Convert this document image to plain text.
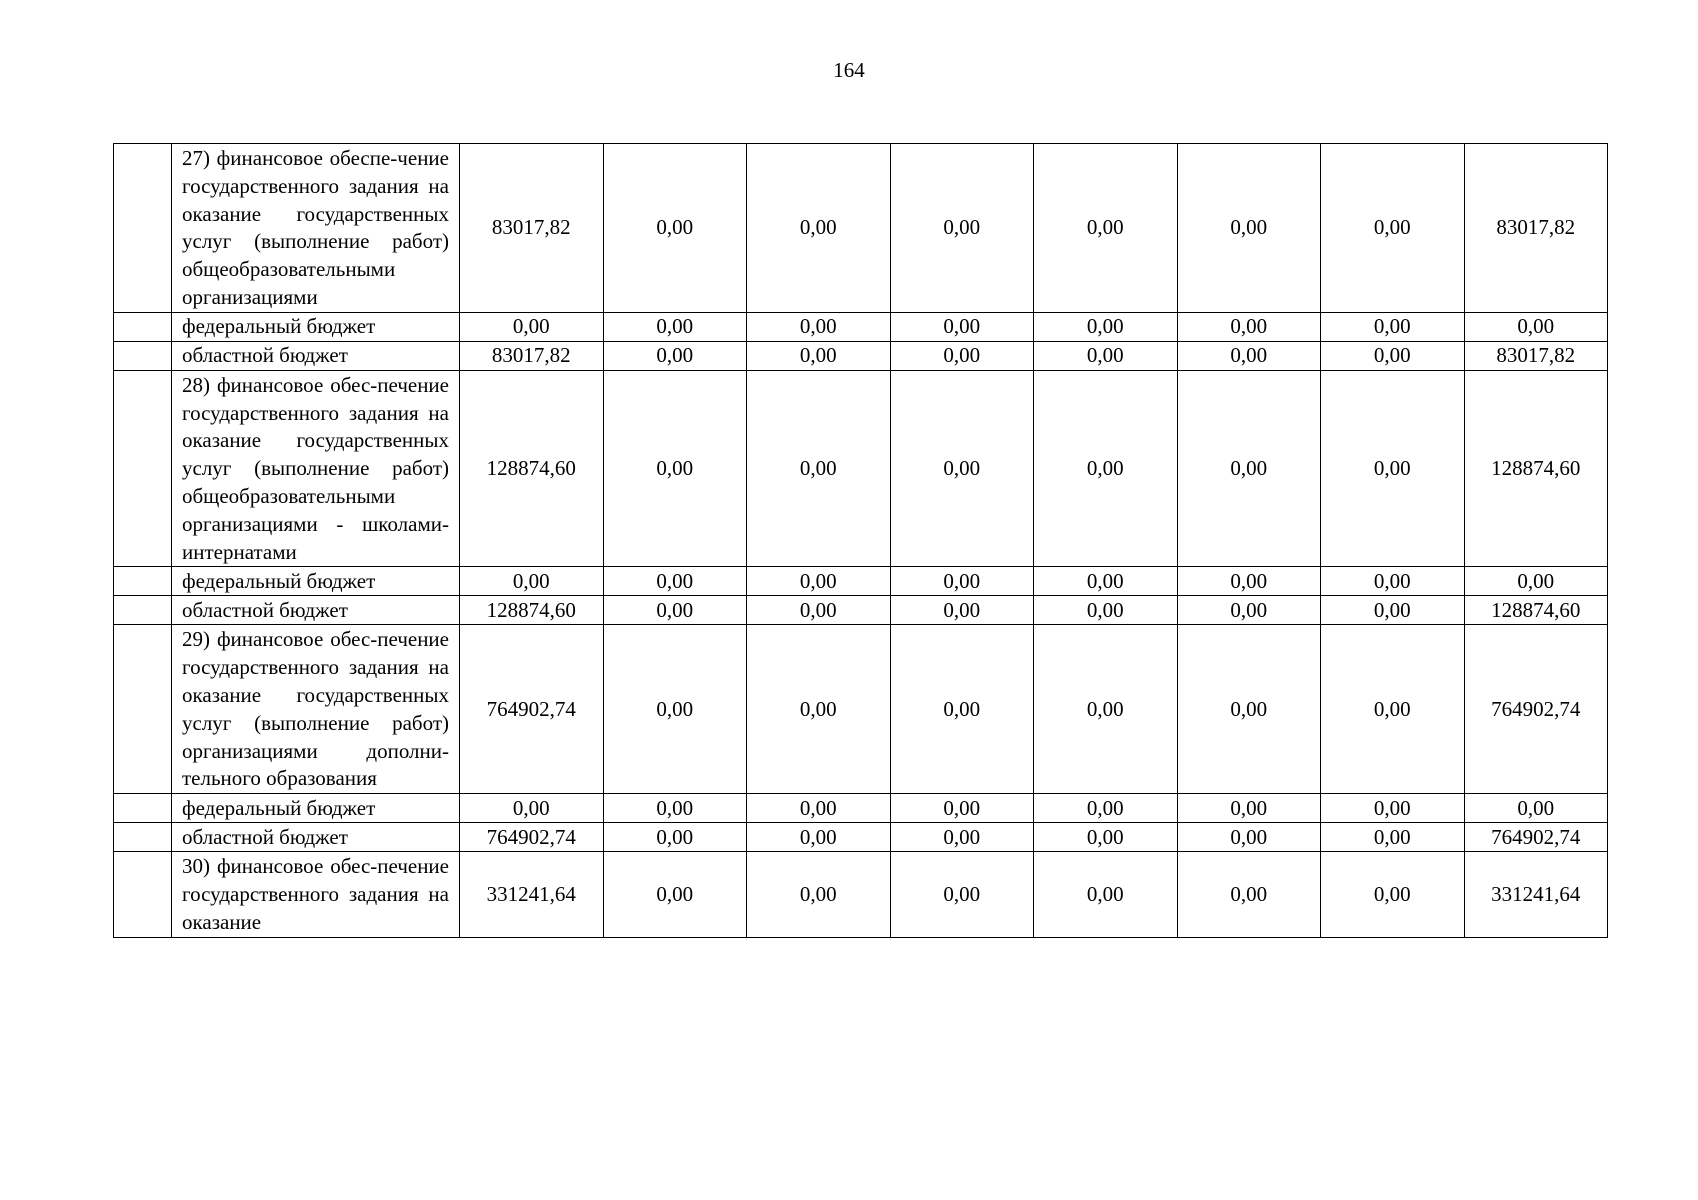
164

	27) финансовое обеспе-чение государственного задания на оказание государственных услуг (выполнение работ) общеобразовательными организациями	83017,82	0,00	0,00	0,00	0,00	0,00	0,00	83017,82

	федеральный бюджет	0,00	0,00	0,00	0,00	0,00	0,00	0,00	0,00

	областной бюджет	83017,82	0,00	0,00	0,00	0,00	0,00	0,00	83017,82

	28) финансовое обес-печение государственного задания на оказание государственных услуг (выполнение работ) общеобразовательными организациями - школами-интернатами	128874,60	0,00	0,00	0,00	0,00	0,00	0,00	128874,60

	федеральный бюджет	0,00	0,00	0,00	0,00	0,00	0,00	0,00	0,00

	областной бюджет	128874,60	0,00	0,00	0,00	0,00	0,00	0,00	128874,60

	29) финансовое обес-печение государственного задания на оказание государственных услуг (выполнение работ) организациями дополни-тельного образования	764902,74	0,00	0,00	0,00	0,00	0,00	0,00	764902,74

	федеральный бюджет	0,00	0,00	0,00	0,00	0,00	0,00	0,00	0,00

	областной бюджет	764902,74	0,00	0,00	0,00	0,00	0,00	0,00	764902,74

	30) финансовое обес-печение государственного задания на оказание	331241,64	0,00	0,00	0,00	0,00	0,00	0,00	331241,64
